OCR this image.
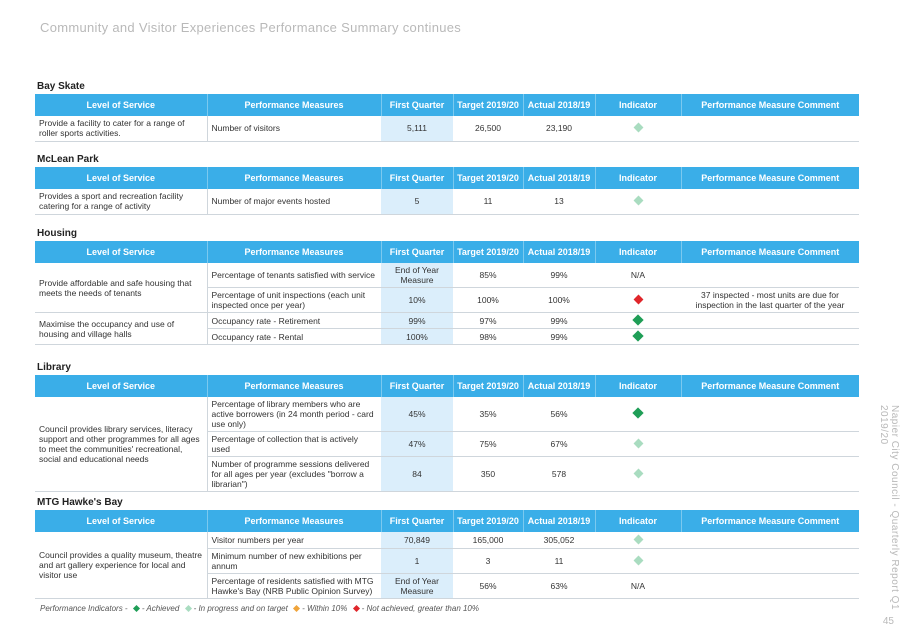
Community and Visitor Experiences Performance Summary continues
Napier City Council - Quarterly Report Q1 2019/20
45
Bay Skate
Level of Service	Performance Measures	First Quarter	Target 2019/20	Actual 2018/19	Indicator	Performance Measure Comment
Provide a facility to cater for a range of roller sports activities.	Number of visitors	5,111	26,500	23,190		
McLean Park
Level of Service	Performance Measures	First Quarter	Target 2019/20	Actual 2018/19	Indicator	Performance Measure Comment
Provides a sport and recreation facility catering for a range of activity	Number of major events hosted	5	11	13		
Housing
Level of Service	Performance Measures	First Quarter	Target 2019/20	Actual 2018/19	Indicator	Performance Measure Comment
Provide affordable and safe housing that meets the needs of tenants	Percentage of tenants satisfied with service	End of Year Measure	85%	99%	N/A	
	Percentage of unit inspections (each unit inspected once per year)	10%	100%	100%		37 inspected - most units are due for inspection in the last quarter of the year
Maximise the occupancy and use of housing and village halls	Occupancy rate - Retirement	99%	97%	99%		
	Occupancy rate - Rental	100%	98%	99%		
Library
Level of Service	Performance Measures	First Quarter	Target 2019/20	Actual 2018/19	Indicator	Performance Measure Comment
Council provides library services, literacy support and other programmes for all ages to meet the communities' recreational, social and educational needs	Percentage of library members who are active borrowers (in 24 month period - card use only)	45%	35%	56%		
	Percentage of collection that is actively used	47%	75%	67%		
	Number of programme sessions delivered for all ages per year (excludes "borrow a librarian")	84	350	578		
MTG Hawke's Bay
Level of Service	Performance Measures	First Quarter	Target 2019/20	Actual 2018/19	Indicator	Performance Measure Comment
Council provides a quality museum, theatre and art gallery experience for local and visitor use	Visitor numbers per year	70,849	165,000	305,052		
	Minimum number of new exhibitions per annum	1	3	11		
	Percentage of residents satisfied with MTG Hawke's Bay (NRB Public Opinion Survey)	End of Year Measure	56%	63%	N/A	
Performance Indicators - - Achieved - In progress and on target - Within 10% - Not achieved, greater than 10%
